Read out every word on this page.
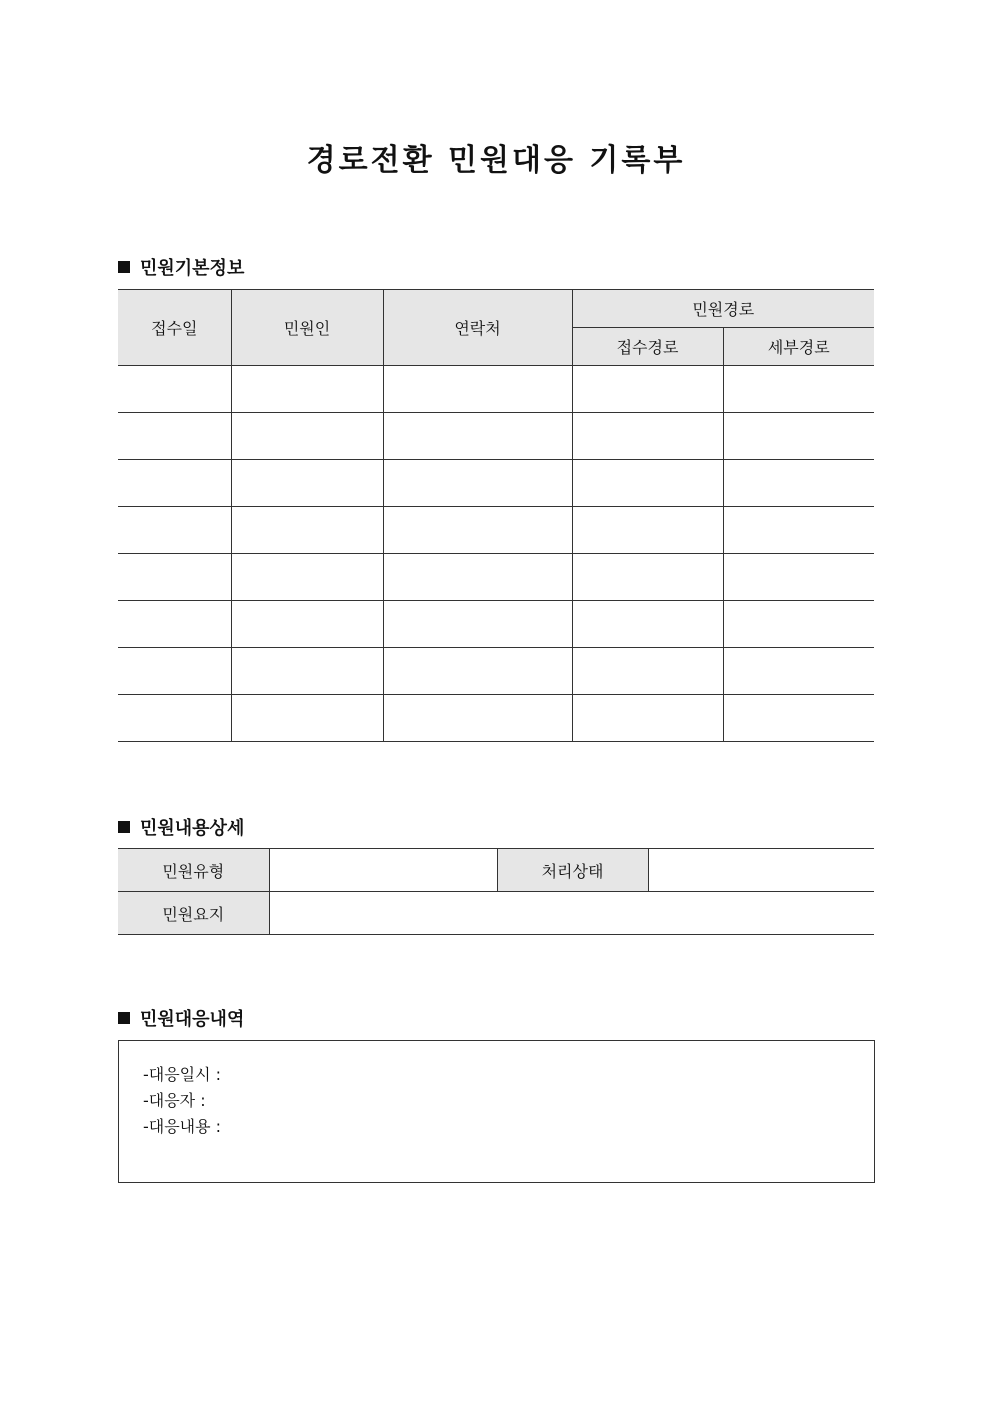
경로전환 민원대응 기록부
민원기본정보
접수일	민원인	연락처	민원경로	
			접수경로	세부경로

민원내용상세
민원유형		처리상태	
민원요지			
민원대응내역
-대응일시 :
-대응자 :
-대응내용 :
